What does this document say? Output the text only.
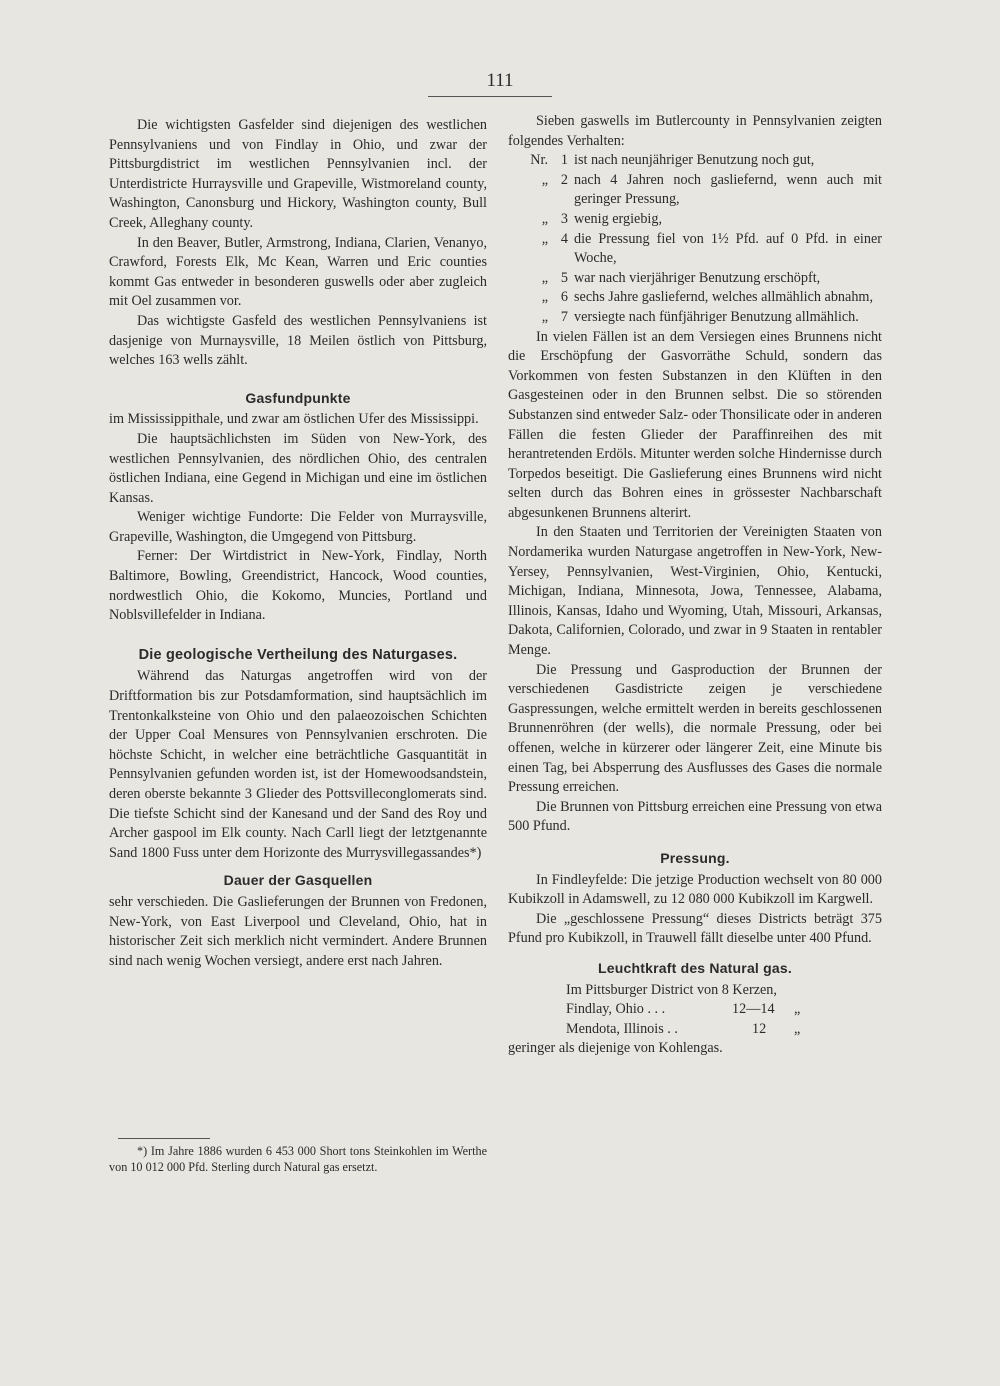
111

Die wichtigsten Gasfelder sind diejenigen des westlichen Pennsylvaniens und von Findlay in Ohio, und zwar der Pittsburgdistrict im westlichen Pennsylvanien incl. der Unterdistricte Hurraysville und Grapeville, Wistmoreland county, Washington, Canonsburg und Hickory, Washington county, Bull Creek, Alleghany county.

In den Beaver, Butler, Armstrong, Indiana, Clarien, Venanyo, Crawford, Forests Elk, Mc Kean, Warren und Eric counties kommt Gas entweder in besonderen guswells oder aber zugleich mit Oel zusammen vor.

Das wichtigste Gasfeld des westlichen Pennsylvaniens ist dasjenige von Murnaysville, 18 Meilen östlich von Pittsburg, welches 163 wells zählt.

Gasfundpunkte

im Mississippithale, und zwar am östlichen Ufer des Mississippi.

Die hauptsächlichsten im Süden von New-York, des westlichen Pennsylvanien, des nördlichen Ohio, des centralen östlichen Indiana, eine Gegend in Michigan und eine im östlichen Kansas.

Weniger wichtige Fundorte: Die Felder von Murraysville, Grapeville, Washington, die Umgegend von Pittsburg.

Ferner: Der Wirtdistrict in New-York, Findlay, North Baltimore, Bowling, Greendistrict, Hancock, Wood counties, nordwestlich Ohio, die Kokomo, Muncies, Portland und Noblsvillefelder in Indiana.

Die geologische Vertheilung des Naturgases.

Während das Naturgas angetroffen wird von der Driftformation bis zur Potsdamformation, sind hauptsächlich im Trentonkalksteine von Ohio und den palaeozoischen Schichten der Upper Coal Mensures von Pennsylvanien erschroten. Die höchste Schicht, in welcher eine beträchtliche Gasquantität in Pennsylvanien gefunden worden ist, ist der Homewoodsandstein, deren oberste bekannte 3 Glieder des Pottsvilleconglomerats sind. Die tiefste Schicht sind der Kanesand und der Sand des Roy und Archer gaspool im Elk county. Nach Carll liegt der letztgenannte Sand 1800 Fuss unter dem Horizonte des Murrysvillegassandes*)

Dauer der Gasquellen

sehr verschieden. Die Gaslieferungen der Brunnen von Fredonen, New-York, von East Liverpool und Cleveland, Ohio, hat in historischer Zeit sich merklich nicht vermindert. Andere Brunnen sind nach wenig Wochen versiegt, andere erst nach Jahren.

*) Im Jahre 1886 wurden 6 453 000 Short tons Steinkohlen im Werthe von 10 012 000 Pfd. Sterling durch Natural gas ersetzt.

Sieben gaswells im Butlercounty in Pennsylvanien zeigten folgendes Verhalten:

Nr. 1 ist nach neunjähriger Benutzung noch gut,
„ 2 nach 4 Jahren noch gasliefernd, wenn auch mit geringer Pressung,
„ 3 wenig ergiebig,
„ 4 die Pressung fiel von 1½ Pfd. auf 0 Pfd. in einer Woche,
„ 5 war nach vierjähriger Benutzung erschöpft,
„ 6 sechs Jahre gasliefernd, welches allmählich abnahm,
„ 7 versiegte nach fünfjähriger Benutzung allmählich.

In vielen Fällen ist an dem Versiegen eines Brunnens nicht die Erschöpfung der Gasvorräthe Schuld, sondern das Vorkommen von festen Substanzen in den Klüften in den Gasgesteinen oder in den Brunnen selbst. Die so störenden Substanzen sind entweder Salz- oder Thonsilicate oder in anderen Fällen die festen Glieder der Paraffinreihen des mit herantretenden Erdöls. Mitunter werden solche Hindernisse durch Torpedos beseitigt. Die Gaslieferung eines Brunnens wird nicht selten durch das Bohren eines in grössester Nachbarschaft abgesunkenen Brunnens alterirt.

In den Staaten und Territorien der Vereinigten Staaten von Nordamerika wurden Naturgase angetroffen in New-York, New-Yersey, Pennsylvanien, West-Virginien, Ohio, Kentucki, Michigan, Indiana, Minnesota, Jowa, Tennessee, Alabama, Illinois, Kansas, Idaho und Wyoming, Utah, Missouri, Arkansas, Dakota, Californien, Colorado, und zwar in 9 Staaten in rentabler Menge.

Die Pressung und Gasproduction der Brunnen der verschiedenen Gasdistricte zeigen je verschiedene Gaspressungen, welche ermittelt werden in bereits geschlossenen Brunnenröhren (der wells), die normale Pressung, oder bei offenen, welche in kürzerer oder längerer Zeit, eine Minute bis einen Tag, bei Absperrung des Ausflusses des Gases die normale Pressung erreichen.

Die Brunnen von Pittsburg erreichen eine Pressung von etwa 500 Pfund.

Pressung.

In Findleyfelde: Die jetzige Production wechselt von 80 000 Kubikzoll in Adamswell, zu 12 080 000 Kubikzoll im Kargwell.

Die „geschlossene Pressung“ dieses Districts beträgt 375 Pfund pro Kubikzoll, in Trauwell fällt dieselbe unter 400 Pfund.

Leuchtkraft des Natural gas.
Im Pittsburger District von 8 Kerzen,
Findlay, Ohio . . .	12—14	„
Mendota, Illinois . .	12	„
geringer als diejenige von Kohlengas.
